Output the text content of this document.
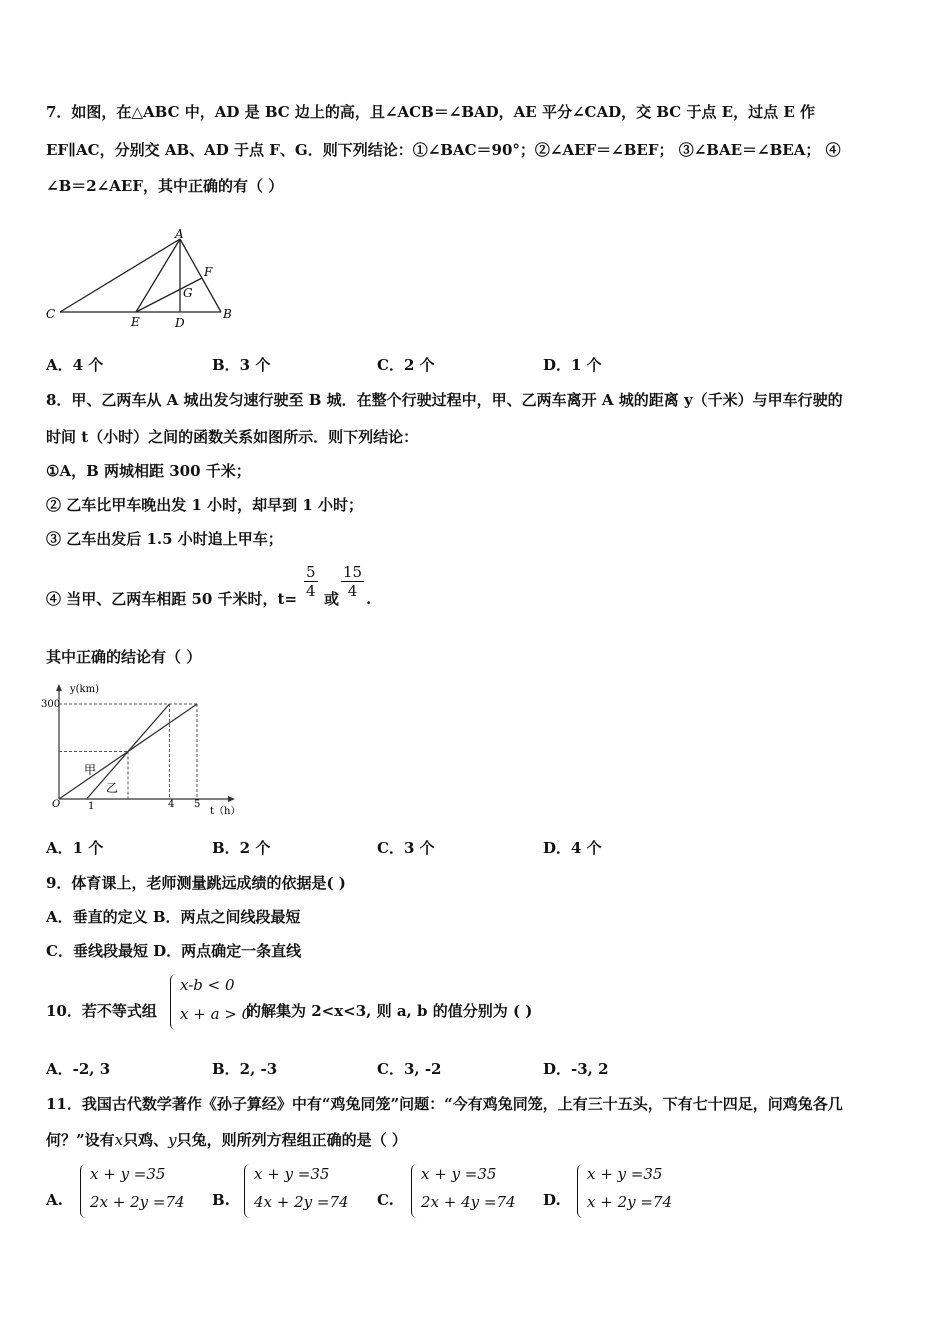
7．如图，在△ABC 中，AD 是 BC 边上的高，且∠ACB＝∠BAD，AE 平分∠CAD，交 BC 于点 E，过点 E 作
EF∥AC，分别交 AB、AD 于点 F、G．则下列结论：①∠BAC＝90°；②∠AEF＝∠BEF； ③∠BAE＝∠BEA； ④
∠B＝2∠AEF，其中正确的有（ ）
A
F
G
C
E	D
B
A．4 个	B．3 个	C．2 个	D．1 个
8．甲、乙两车从 A 城出发匀速行驶至 B 城．在整个行驶过程中，甲、乙两车离开 A 城的距离 y（千米）与甲车行驶的
时间 t（小时）之间的函数关系如图所示．则下列结论：
①A，B 两城相距 300 千米；
② 乙车比甲车晚出发 1 小时，却早到 1 小时；
③ 乙车出发后 1.5 小时追上甲车；
④ 当甲、乙两车相距 50 千米时，$t= \frac{5}{4}$ 或 $\frac{15}{4}$ .
其中正确的结论有（ ）
y(km)
t（h）
300
O	1	4 5
甲
乙
A．1 个	B．2 个	C．3 个	D．4 个
9．体育课上，老师测量跳远成绩的依据是( )
A．垂直的定义 B．两点之间线段最短
C．垂线段最短 D．两点确定一条直线
10．若不等式组
x-b < 0
x + a > 0
的解集为 2<x<3, 则 a, b 的值分别为 ( )
A．-2, 3	B．2, -3	C．3, -2	D．-3, 2
11．我国古代数学著作《孙子算经》中有“鸡兔同笼”问题：“今有鸡兔同笼，上有三十五头，下有七十四足，问鸡兔各几
何？”设有x只鸡、y只兔，则所列方程组正确的是（ ）
A.
x + y =35
2x + 2y =74 B.
x + y =35
4x + 2y =74 C.
x + y =35
2x + 4y =74 D.
x + y =35
x + 2y =74
